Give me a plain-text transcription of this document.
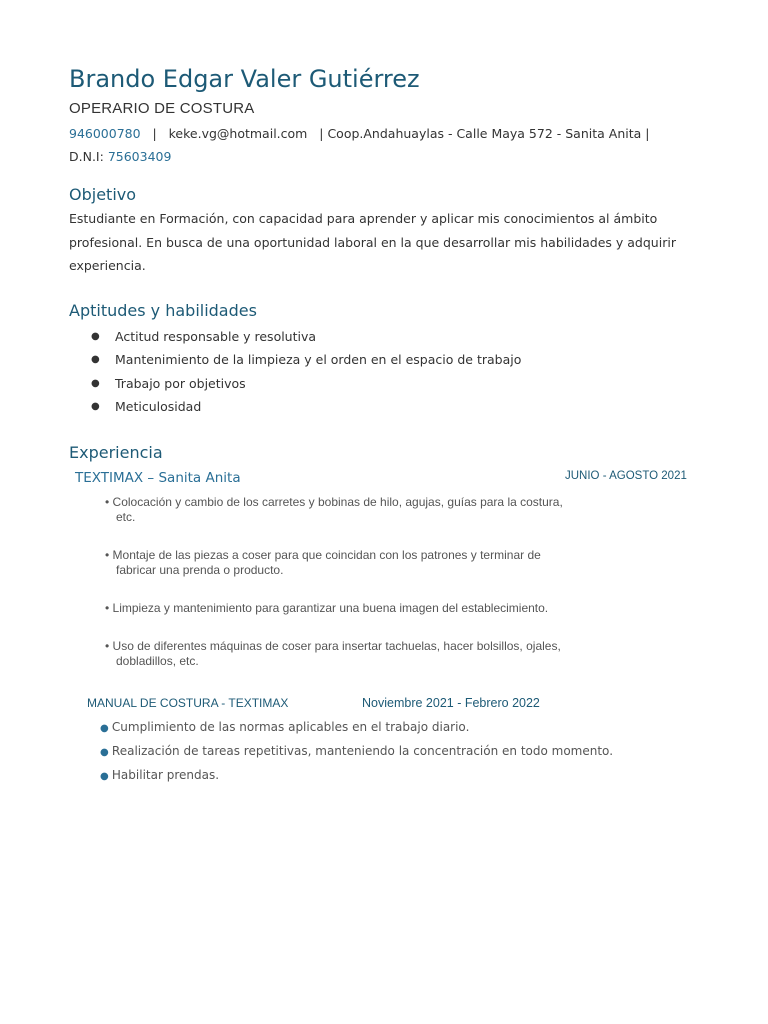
Brando Edgar Valer Gutiérrez
OPERARIO DE COSTURA
946000780   |   keke.vg@hotmail.com   | Coop.Andahuaylas - Calle Maya 572 - Sanita Anita |
D.N.I: 75603409
Objetivo

Estudiante en Formación, con capacidad para aprender y aplicar mis conocimientos al ámbito profesional. En busca de una oportunidad laboral en la que desarrollar mis habilidades y adquirir experiencia.

Aptitudes y habilidades
● Actitud responsable y resolutiva
● Mantenimiento de la limpieza y el orden en el espacio de trabajo
● Trabajo por objetivos
● Meticulosidad
Experiencia
TEXTIMAX – Sanita Anita	JUNIO - AGOSTO 2021
• Colocación y cambio de los carretes y bobinas de hilo, agujas, guías para la costura, etc.
• Montaje de las piezas a coser para que coincidan con los patrones y terminar de fabricar una prenda o producto.
• Limpieza y mantenimiento para garantizar una buena imagen del establecimiento.
• Uso de diferentes máquinas de coser para insertar tachuelas, hacer bolsillos, ojales, dobladillos, etc.
MANUAL DE COSTURA - TEXTIMAX	Noviembre 2021 - Febrero 2022
● Cumplimiento de las normas aplicables en el trabajo diario.
● Realización de tareas repetitivas, manteniendo la concentración en todo momento.
● Habilitar prendas.
